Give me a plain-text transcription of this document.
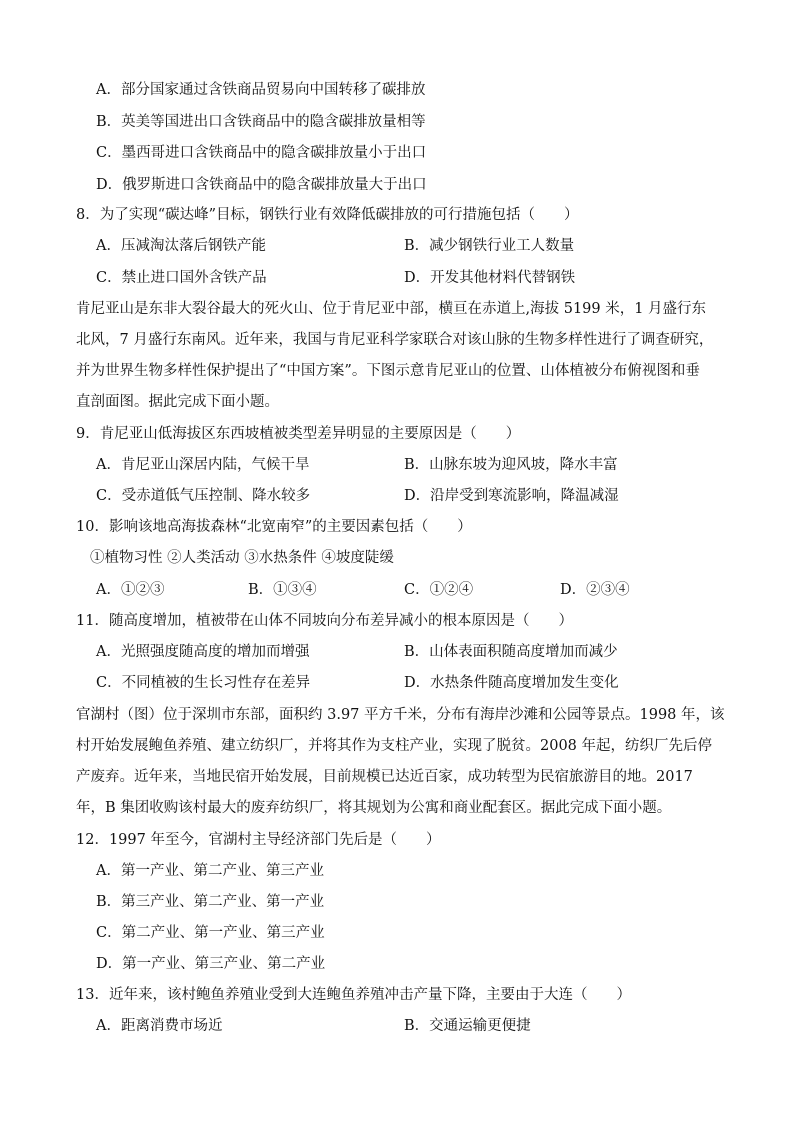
A．部分国家通过含铁商品贸易向中国转移了碳排放
B．英美等国进出口含铁商品中的隐含碳排放量相等
C．墨西哥进口含铁商品中的隐含碳排放量小于出口
D．俄罗斯进口含铁商品中的隐含碳排放量大于出口
8．为了实现“碳达峰”目标，钢铁行业有效降低碳排放的可行措施包括（　　）
A．压减淘汰落后钢铁产能	B．减少钢铁行业工人数量
C．禁止进口国外含铁产品	D．开发其他材料代替钢铁
肯尼亚山是东非大裂谷最大的死火山、位于肯尼亚中部，横亘在赤道上,海拔 5199 米，1 月盛行东
北风，7 月盛行东南风。近年来，我国与肯尼亚科学家联合对该山脉的生物多样性进行了调查研究，
并为世界生物多样性保护提出了“中国方案”。下图示意肯尼亚山的位置、山体植被分布俯视图和垂
直剖面图。据此完成下面小题。
9．肯尼亚山低海拔区东西坡植被类型差异明显的主要原因是（　　）
A．肯尼亚山深居内陆，气候干旱	B．山脉东坡为迎风坡，降水丰富
C．受赤道低气压控制、降水较多	D．沿岸受到寒流影响，降温减湿
10．影响该地高海拔森林“北宽南窄”的主要因素包括（　　）
①植物习性 ②人类活动 ③水热条件 ④坡度陡缓
A．①②③	B．①③④	C．①②④	D．②③④
11．随高度增加，植被带在山体不同坡向分布差异减小的根本原因是（　　）
A．光照强度随高度的增加而增强	B．山体表面积随高度增加而减少
C．不同植被的生长习性存在差异	D．水热条件随高度增加发生变化
官湖村（图）位于深圳市东部，面积约 3.97 平方千米，分布有海岸沙滩和公园等景点。1998 年，该
村开始发展鲍鱼养殖、建立纺织厂，并将其作为支柱产业，实现了脱贫。2008 年起，纺织厂先后停
产废弃。近年来，当地民宿开始发展，目前规模已达近百家，成功转型为民宿旅游目的地。2017
年，B 集团收购该村最大的废弃纺织厂，将其规划为公寓和商业配套区。据此完成下面小题。
12．1997 年至今，官湖村主导经济部门先后是（　　）
A．第一产业、第二产业、第三产业
B．第三产业、第二产业、第一产业
C．第二产业、第一产业、第三产业
D．第一产业、第三产业、第二产业
13．近年来，该村鲍鱼养殖业受到大连鲍鱼养殖冲击产量下降，主要由于大连（　　）
A．距离消费市场近	B．交通运输更便捷
